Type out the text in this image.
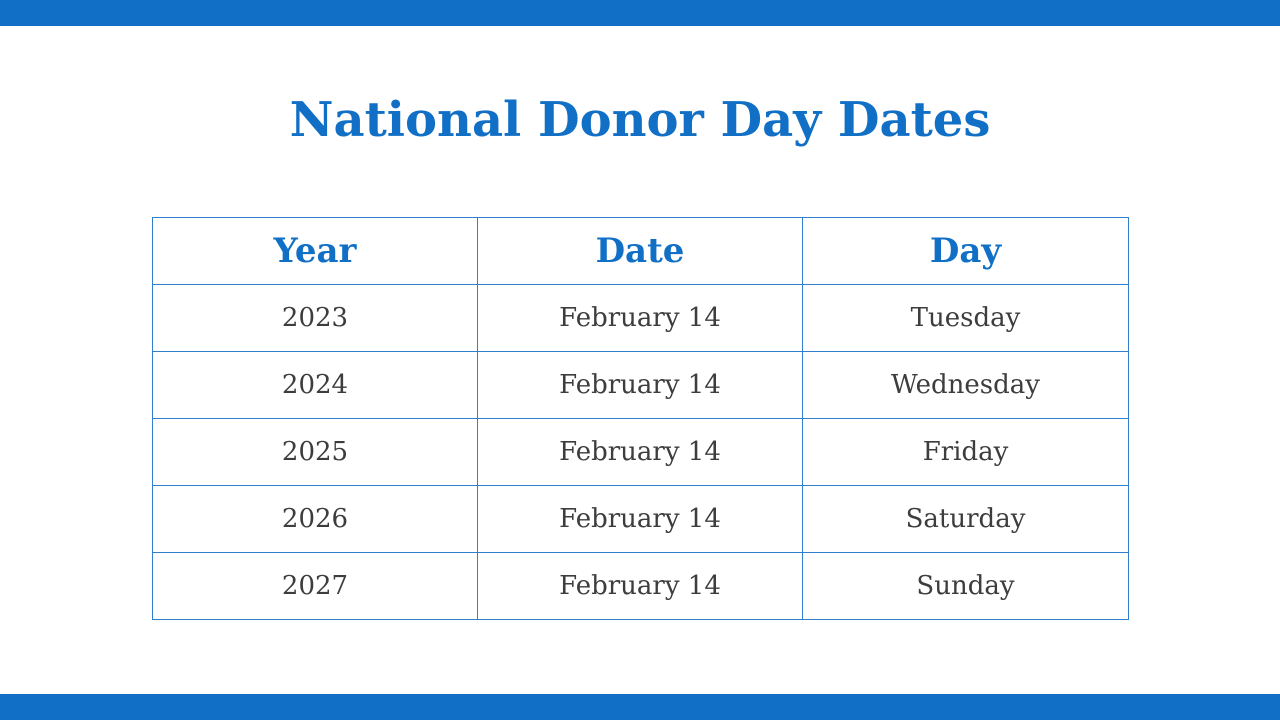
National Donor Day Dates
Year	Date	Day
2023	February 14	Tuesday
2024	February 14	Wednesday
2025	February 14	Friday
2026	February 14	Saturday
2027	February 14	Sunday
